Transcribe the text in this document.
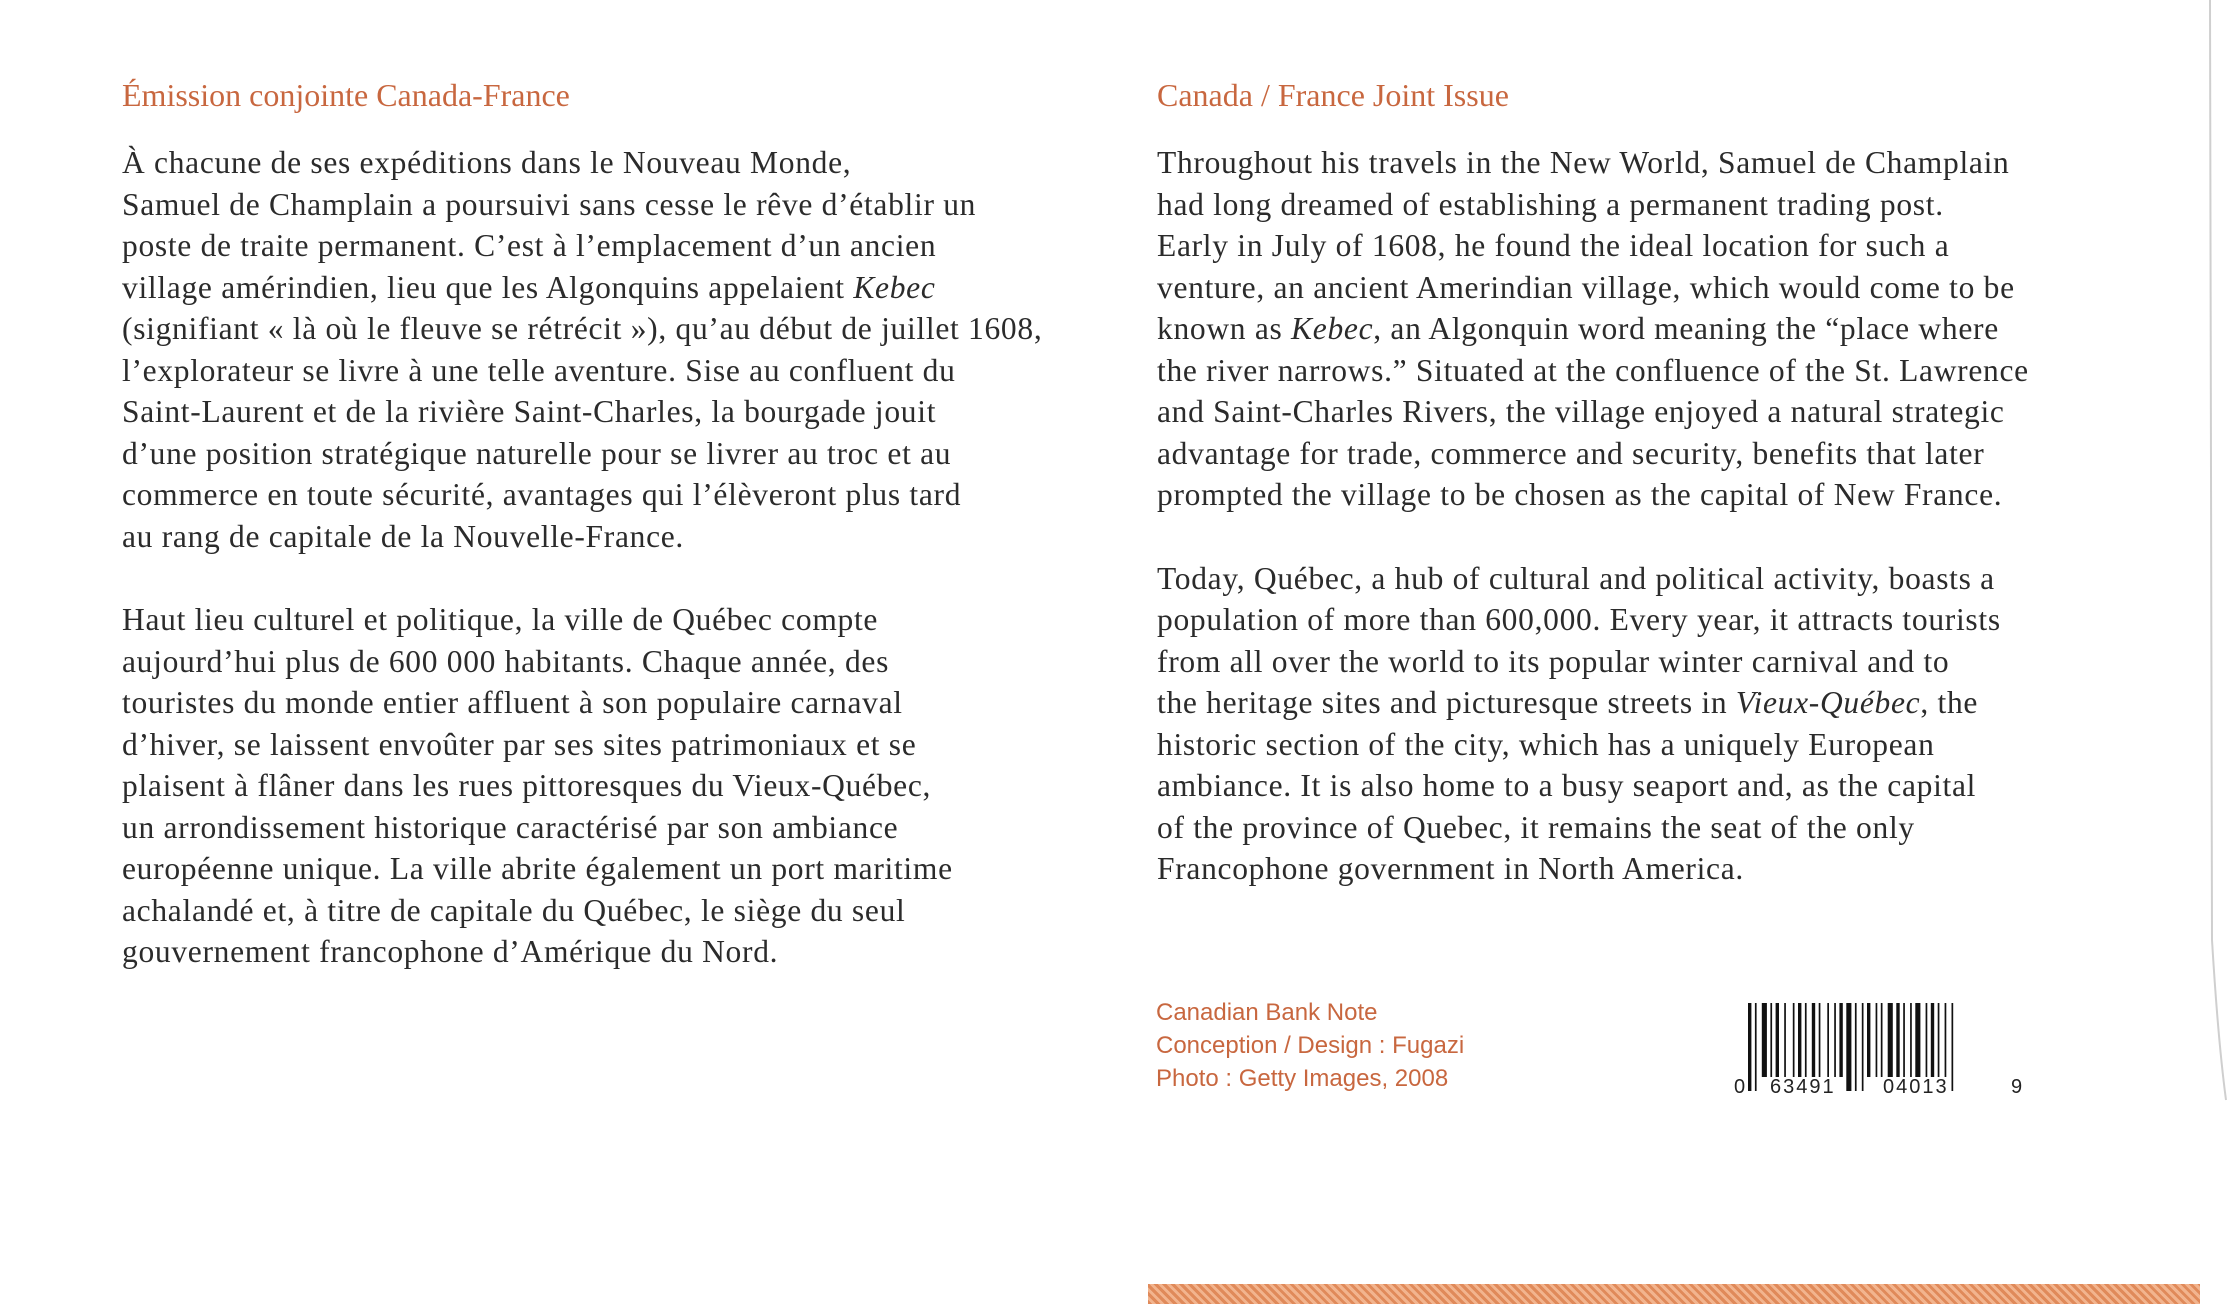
Émission conjointe Canada-France

À chacune de ses expéditions dans le Nouveau Monde,
Samuel de Champlain a poursuivi sans cesse le rêve d’établir un
poste de traite permanent. C’est à l’emplacement d’un ancien
village amérindien, lieu que les Algonquins appelaient Kebec
(signifiant « là où le fleuve se rétrécit »), qu’au début de juillet 1608,
l’explorateur se livre à une telle aventure. Sise au confluent du
Saint-Laurent et de la rivière Saint-Charles, la bourgade jouit
d’une position stratégique naturelle pour se livrer au troc et au
commerce en toute sécurité, avantages qui l’élèveront plus tard
au rang de capitale de la Nouvelle-France.

Haut lieu culturel et politique, la ville de Québec compte
aujourd’hui plus de 600 000 habitants. Chaque année, des
touristes du monde entier affluent à son populaire carnaval
d’hiver, se laissent envoûter par ses sites patrimoniaux et se
plaisent à flâner dans les rues pittoresques du Vieux-Québec,
un arrondissement historique caractérisé par son ambiance
européenne unique. La ville abrite également un port maritime
achalandé et, à titre de capitale du Québec, le siège du seul
gouvernement francophone d’Amérique du Nord.

Canada / France Joint Issue

Throughout his travels in the New World, Samuel de Champlain
had long dreamed of establishing a permanent trading post.
Early in July of 1608, he found the ideal location for such a
venture, an ancient Amerindian village, which would come to be
known as Kebec, an Algonquin word meaning the “place where
the river narrows.” Situated at the confluence of the St. Lawrence
and Saint-Charles Rivers, the village enjoyed a natural strategic
advantage for trade, commerce and security, benefits that later
prompted the village to be chosen as the capital of New France.

Today, Québec, a hub of cultural and political activity, boasts a
population of more than 600,000. Every year, it attracts tourists
from all over the world to its popular winter carnival and to
the heritage sites and picturesque streets in Vieux-Québec, the
historic section of the city, which has a uniquely European
ambiance. It is also home to a busy seaport and, as the capital
of the province of Quebec, it remains the seat of the only
Francophone government in North America.

Canadian Bank Note
Conception / Design : Fugazi
Photo : Getty Images, 2008	0 63491 04013	9
